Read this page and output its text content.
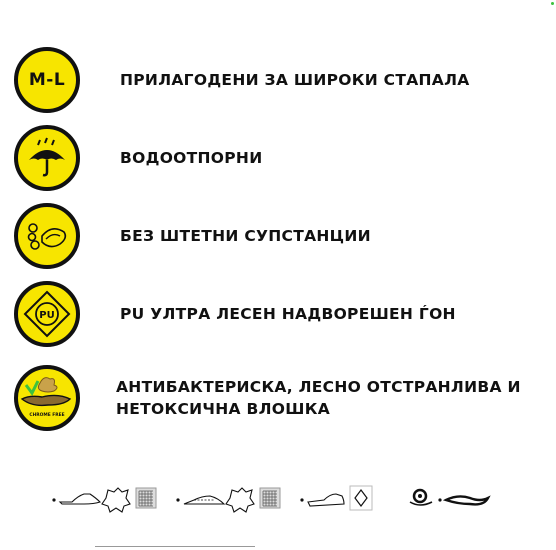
M-L	ПРИЛАГОДЕНИ ЗА ШИРОКИ СТАПАЛА
ВОДООТПОРНИ
БЕЗ ШТЕТНИ СУПСТАНЦИИ
PU	PU УЛТРА ЛЕСЕН НАДВОРЕШЕН ЃОН
CHROME FREE
АНТИБАКТЕРИСКА, ЛЕСНО ОТСТРАНЛИВА И НЕТОКСИЧНА ВЛОШКА
